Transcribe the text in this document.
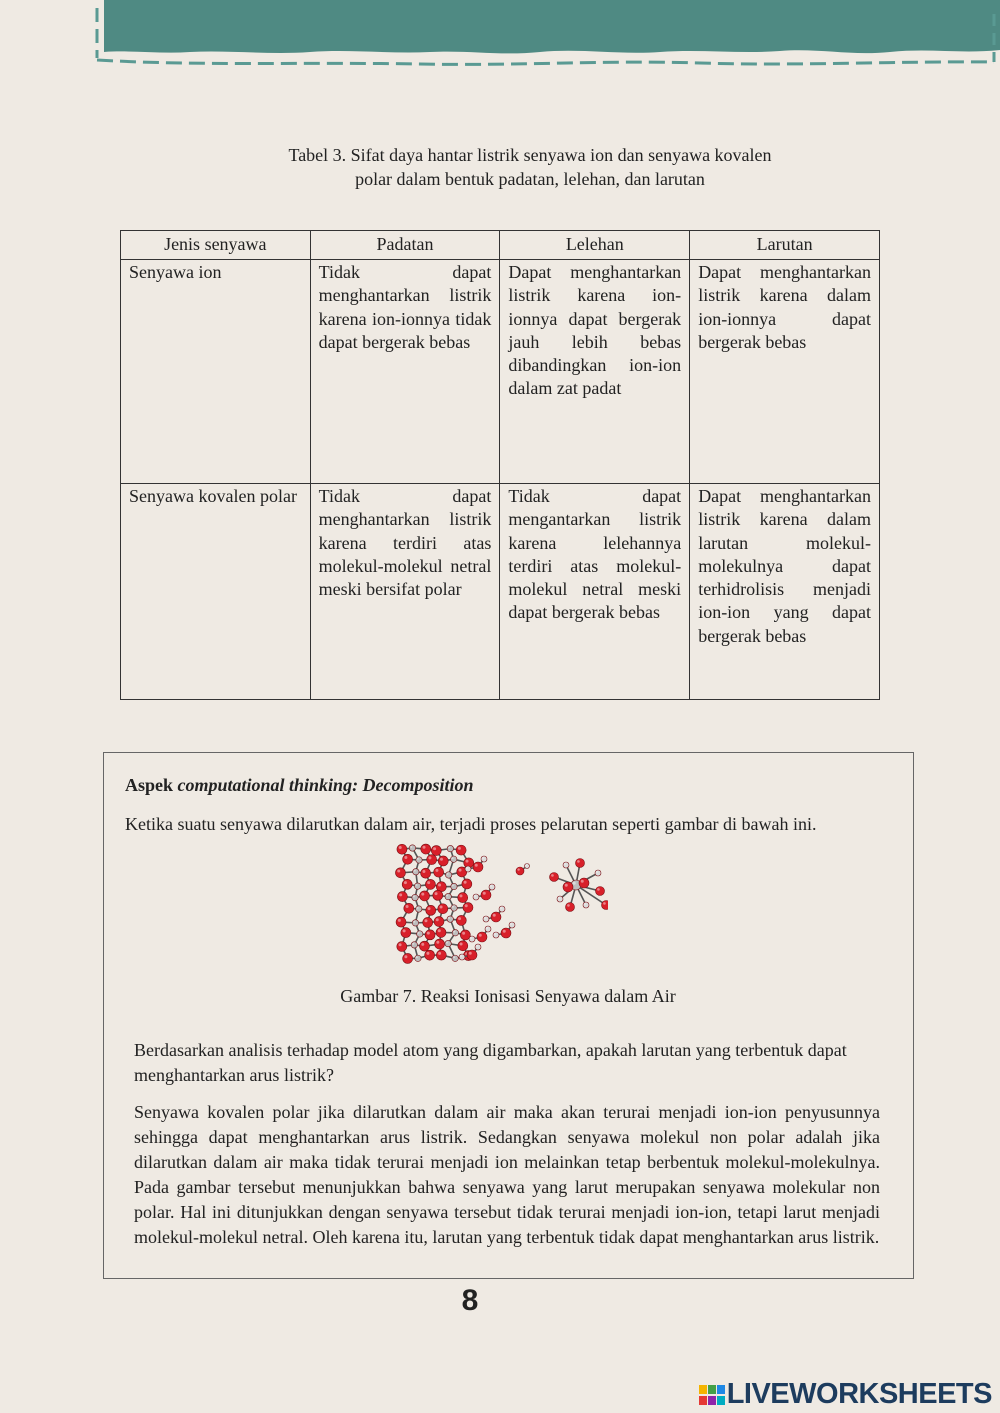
Tabel 3. Sifat daya hantar listrik senyawa ion dan senyawa kovalen
polar dalam bentuk padatan, lelehan, dan larutan
Jenis senyawa	Padatan	Lelehan	Larutan
Senyawa ion	Tidak dapat menghantarkan listrik karena ion-ionnya tidak dapat bergerak bebas	Dapat menghantarkan listrik karena ion-ionnya dapat bergerak jauh lebih bebas dibandingkan ion-ion dalam zat padat	Dapat menghantarkan listrik karena dalam ion-ionnya dapat bergerak bebas
Senyawa kovalen polar	Tidak dapat menghantarkan listrik karena terdiri atas molekul-molekul netral meski bersifat polar	Tidak dapat mengantarkan listrik karena lelehannya terdiri atas molekul-molekul netral meski dapat bergerak bebas	Dapat menghantarkan listrik karena dalam larutan molekul-molekulnya dapat terhidrolisis menjadi ion-ion yang dapat bergerak bebas
Aspek computational thinking: Decomposition
Ketika suatu senyawa dilarutkan dalam air, terjadi proses pelarutan seperti gambar di bawah ini.
Gambar 7. Reaksi Ionisasi Senyawa dalam Air
Berdasarkan analisis terhadap model atom yang digambarkan, apakah larutan yang terbentuk dapat menghantarkan arus listrik?
Senyawa kovalen polar jika dilarutkan dalam air maka akan terurai menjadi ion-ion penyusunnya sehingga dapat menghantarkan arus listrik. Sedangkan senyawa molekul non polar adalah jika dilarutkan dalam air maka tidak terurai menjadi ion melainkan tetap berbentuk molekul-molekulnya. Pada gambar tersebut menunjukkan bahwa senyawa yang larut merupakan senyawa molekular non polar. Hal ini ditunjukkan dengan senyawa tersebut tidak terurai menjadi ion-ion, tetapi larut menjadi molekul-molekul netral. Oleh karena itu, larutan yang terbentuk tidak dapat menghantarkan arus listrik.
8
LIVEWORKSHEETS
